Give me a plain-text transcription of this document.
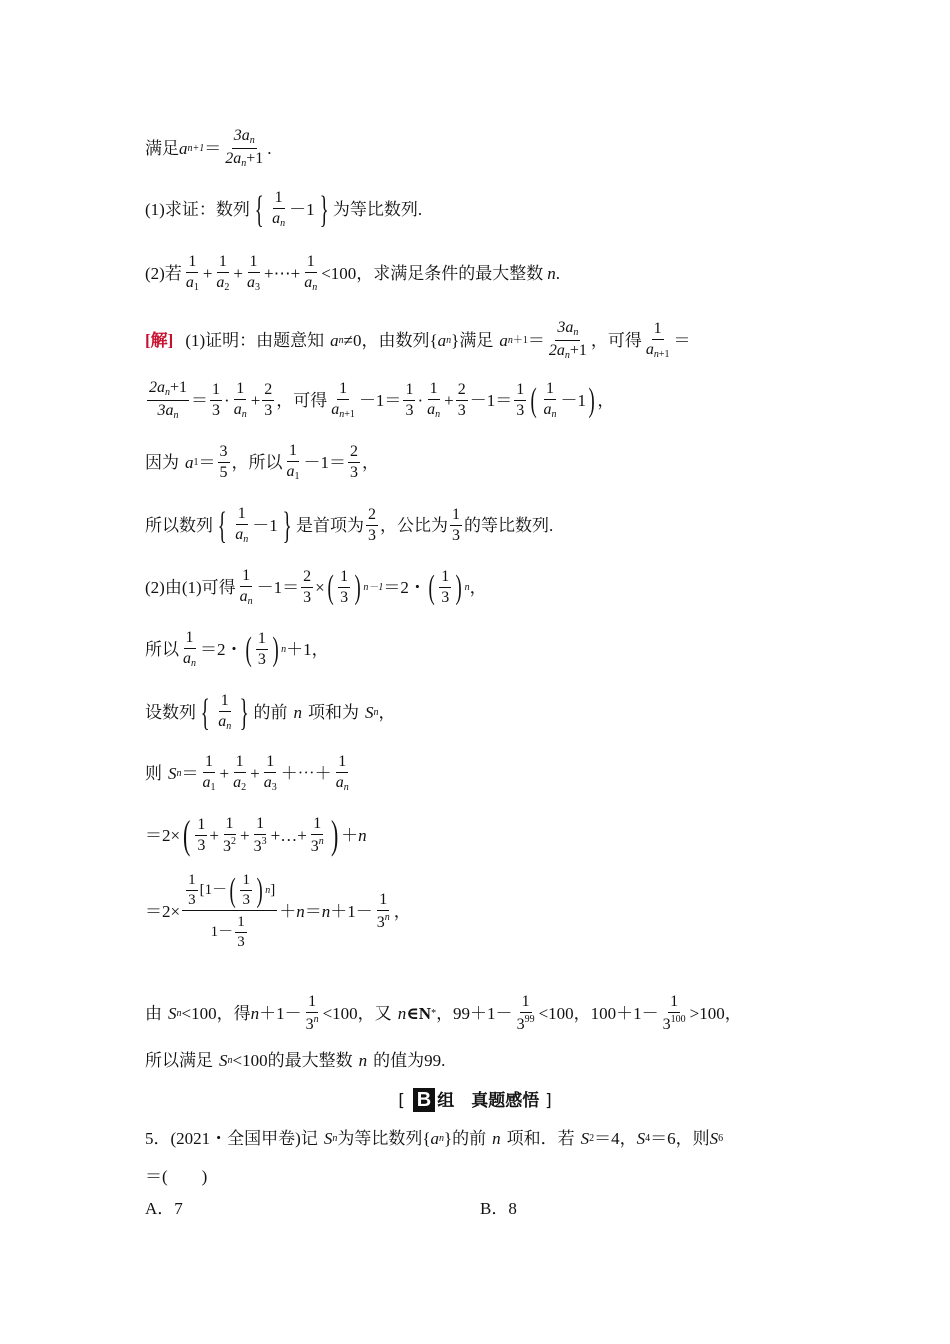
满足 a $n+1 = \frac{3a_n}{2a_n+1}$ .
(1)求证：数列 { $\frac{1}{a_n} -1$ } 为等比数列.
(2)若 $\frac{1}{a_1} + \frac{1}{a_2} + \frac{1}{a_3}$ +⋯+ $\frac{1}{a_n} <100$，求满足条件的最大整数 n .
[解] (1)证明：由题意知 a n ≠0，由数列{ a n }满足 a $n +1 = \frac{3a_n}{2a_n+1}$ ，可得 $\frac{1}{a_{n+1}}$ ＝
$\frac{2a_n+1}{3a_n} = \frac{1}{3} \cdot \frac{1}{a_n} + \frac{2}{3}$ ，可得 $\frac{1}{a_{n+1}} -1= \frac{1}{3} \cdot \frac{1}{a_n} + \frac{2}{3} -1= \frac{1}{3}$ ( $\frac{1}{a_n} -1$ ) ，
因为 a $1 = \frac{3}{5}$ ，所以 $\frac{1}{a_1} -1= \frac{2}{3}$ ，
所以数列 { $\frac{1}{a_n} -1$ } 是首项为 $\frac{2}{3}$ ，公比为 $\frac{1}{3}$ 的等比数列.
(2)由(1)可得 $\frac{1}{a_n} -1= \frac{2}{3}$ × ( $\frac{1}{3}$ ) n－1 ＝2・ ( $\frac{1}{3}$ ) n ，
所以 $\frac{1}{a_n} =2$・ ( $\frac{1}{3}$ ) n ＋1，
设数列 { $\frac{1}{a_n}$ } 的前 n 项和为 S n ，
则 S $n = \frac{1}{a_1} + \frac{1}{a_2} + \frac{1}{a_3}$ ＋⋯＋ $\frac{1}{a_n}$
＝2× ( $\frac{1}{3} + \frac{1}{3^2} + \frac{1}{3^3}$ +…+ $\frac{1}{3^n}$ ) ＋ n
$=2\times \frac{\frac{1}{3} [ 1- ( \frac{1}{3} ) n ]}{1- \frac{1}{3}} + n = n +1- \frac{1}{3^n}$ ，
由 S n <100，得 $n +1- \frac{1}{3^n} <100$，又 n ∈N * ，$99+1- \frac{1}{3^{99}} <100$，$100+1- \frac{1}{3^{100}} >100$，
所以满足 S n <100的最大整数 n 的值为99.
[ B 组　真题感悟 ]
5．(2021・全国甲卷)记 S n 为等比数列{ a n }的前 n 项和．若 S 2 ＝4， S 4 ＝6，则 S 6
＝(　　)
A．7	B．8
